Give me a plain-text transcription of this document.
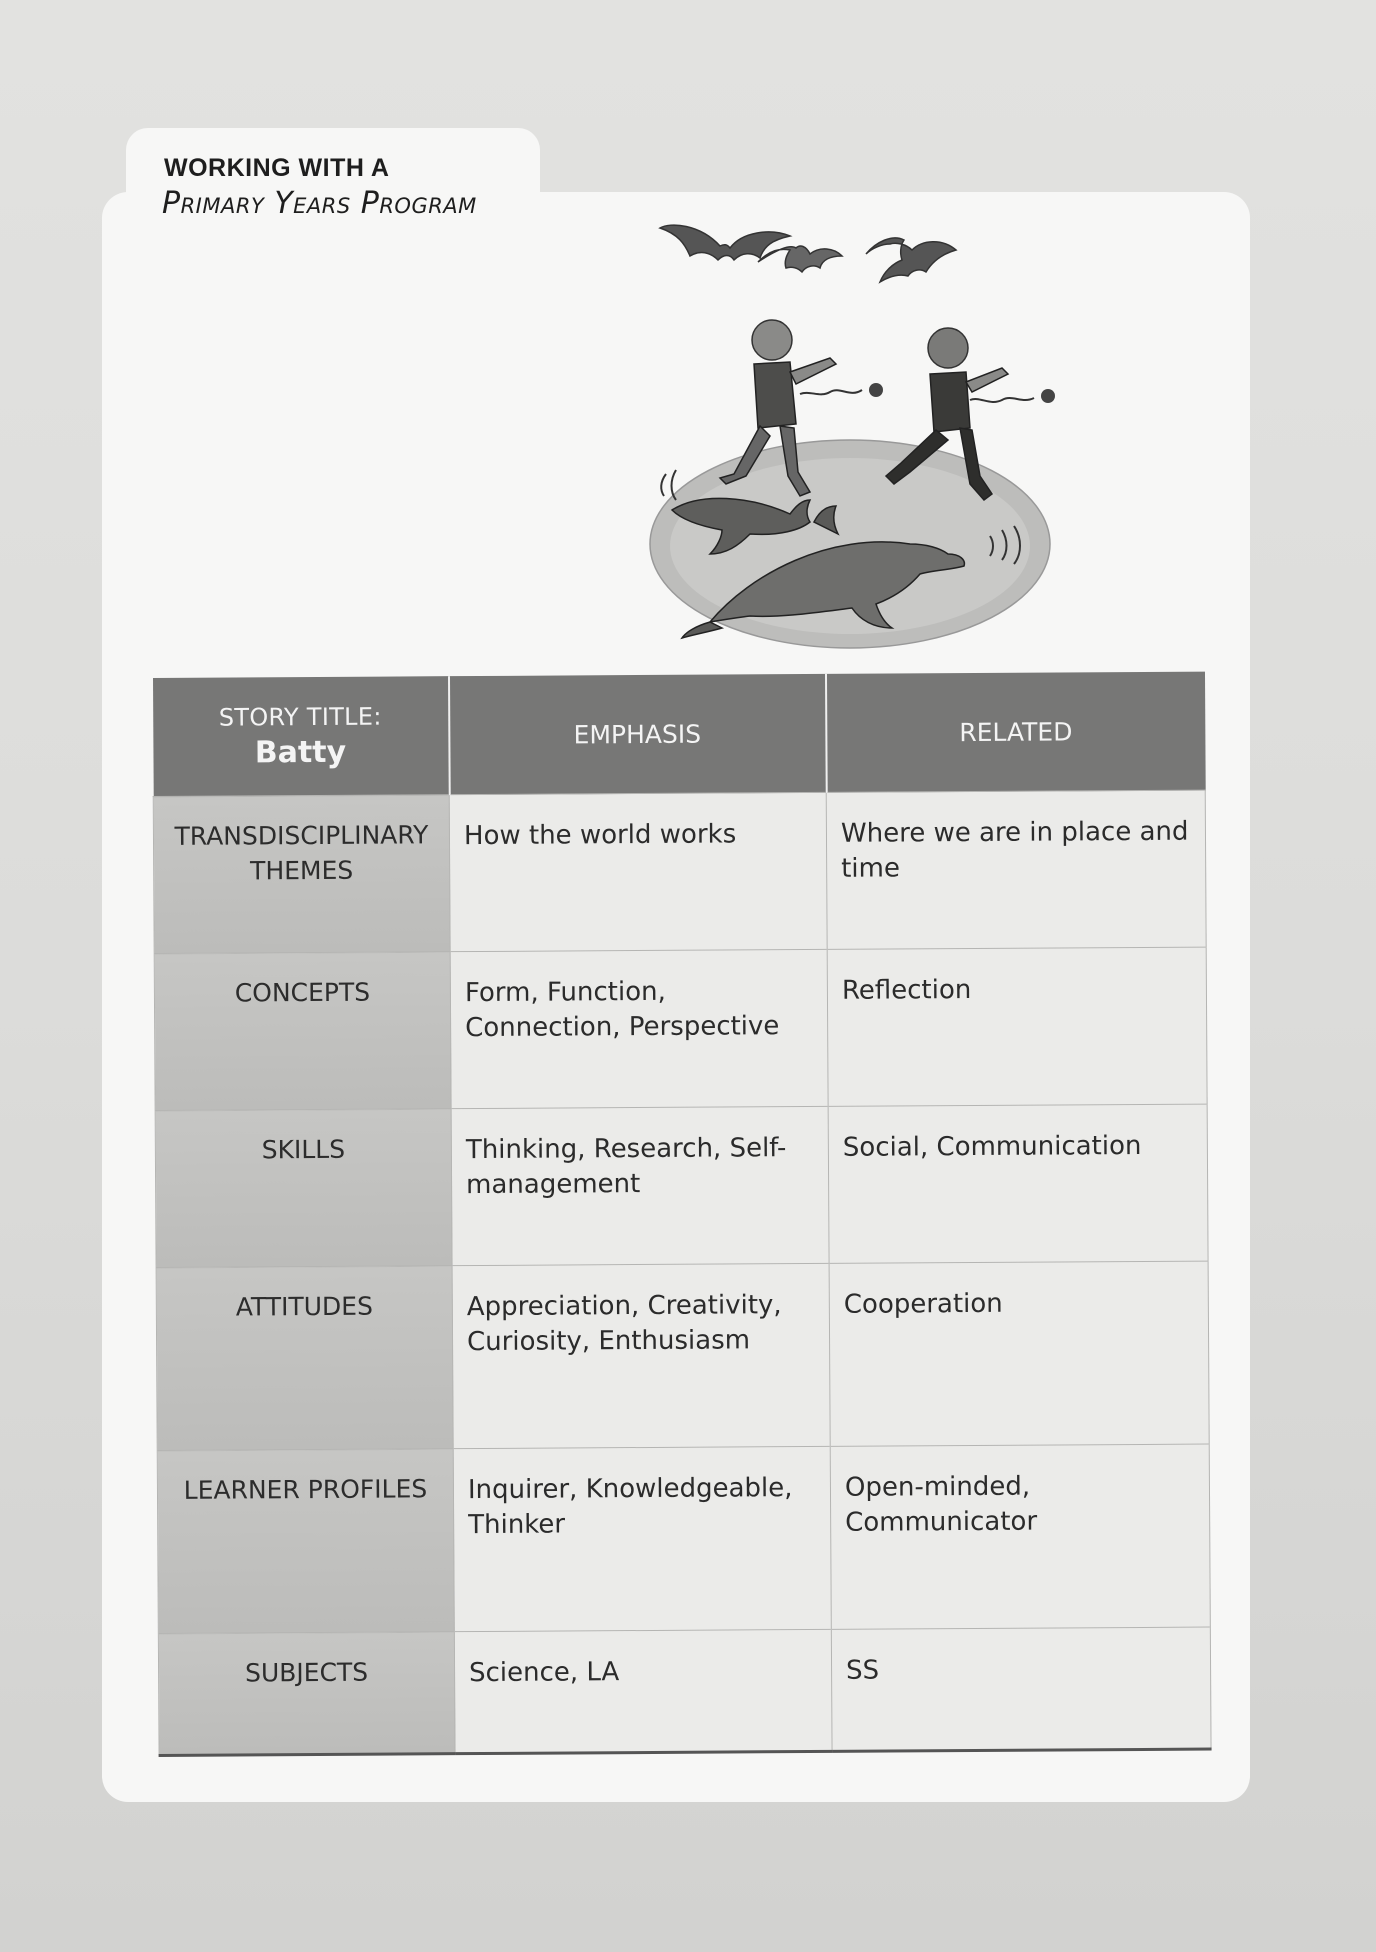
WORKING WITH A
Primary Years Program
STORY TITLE:
Batty	EMPHASIS	RELATED

TRANSDISCIPLINARY THEMES	How the world works	Where we are in place and time

CONCEPTS	Form, Function, Connection, Perspective	Reflection

SKILLS	Thinking, Research, Self-management	Social, Communication

ATTITUDES	Appreciation, Creativity, Curiosity, Enthusiasm	Cooperation

LEARNER PROFILES	Inquirer, Knowledgeable, Thinker	Open-minded, Communicator

SUBJECTS	Science, LA	SS
